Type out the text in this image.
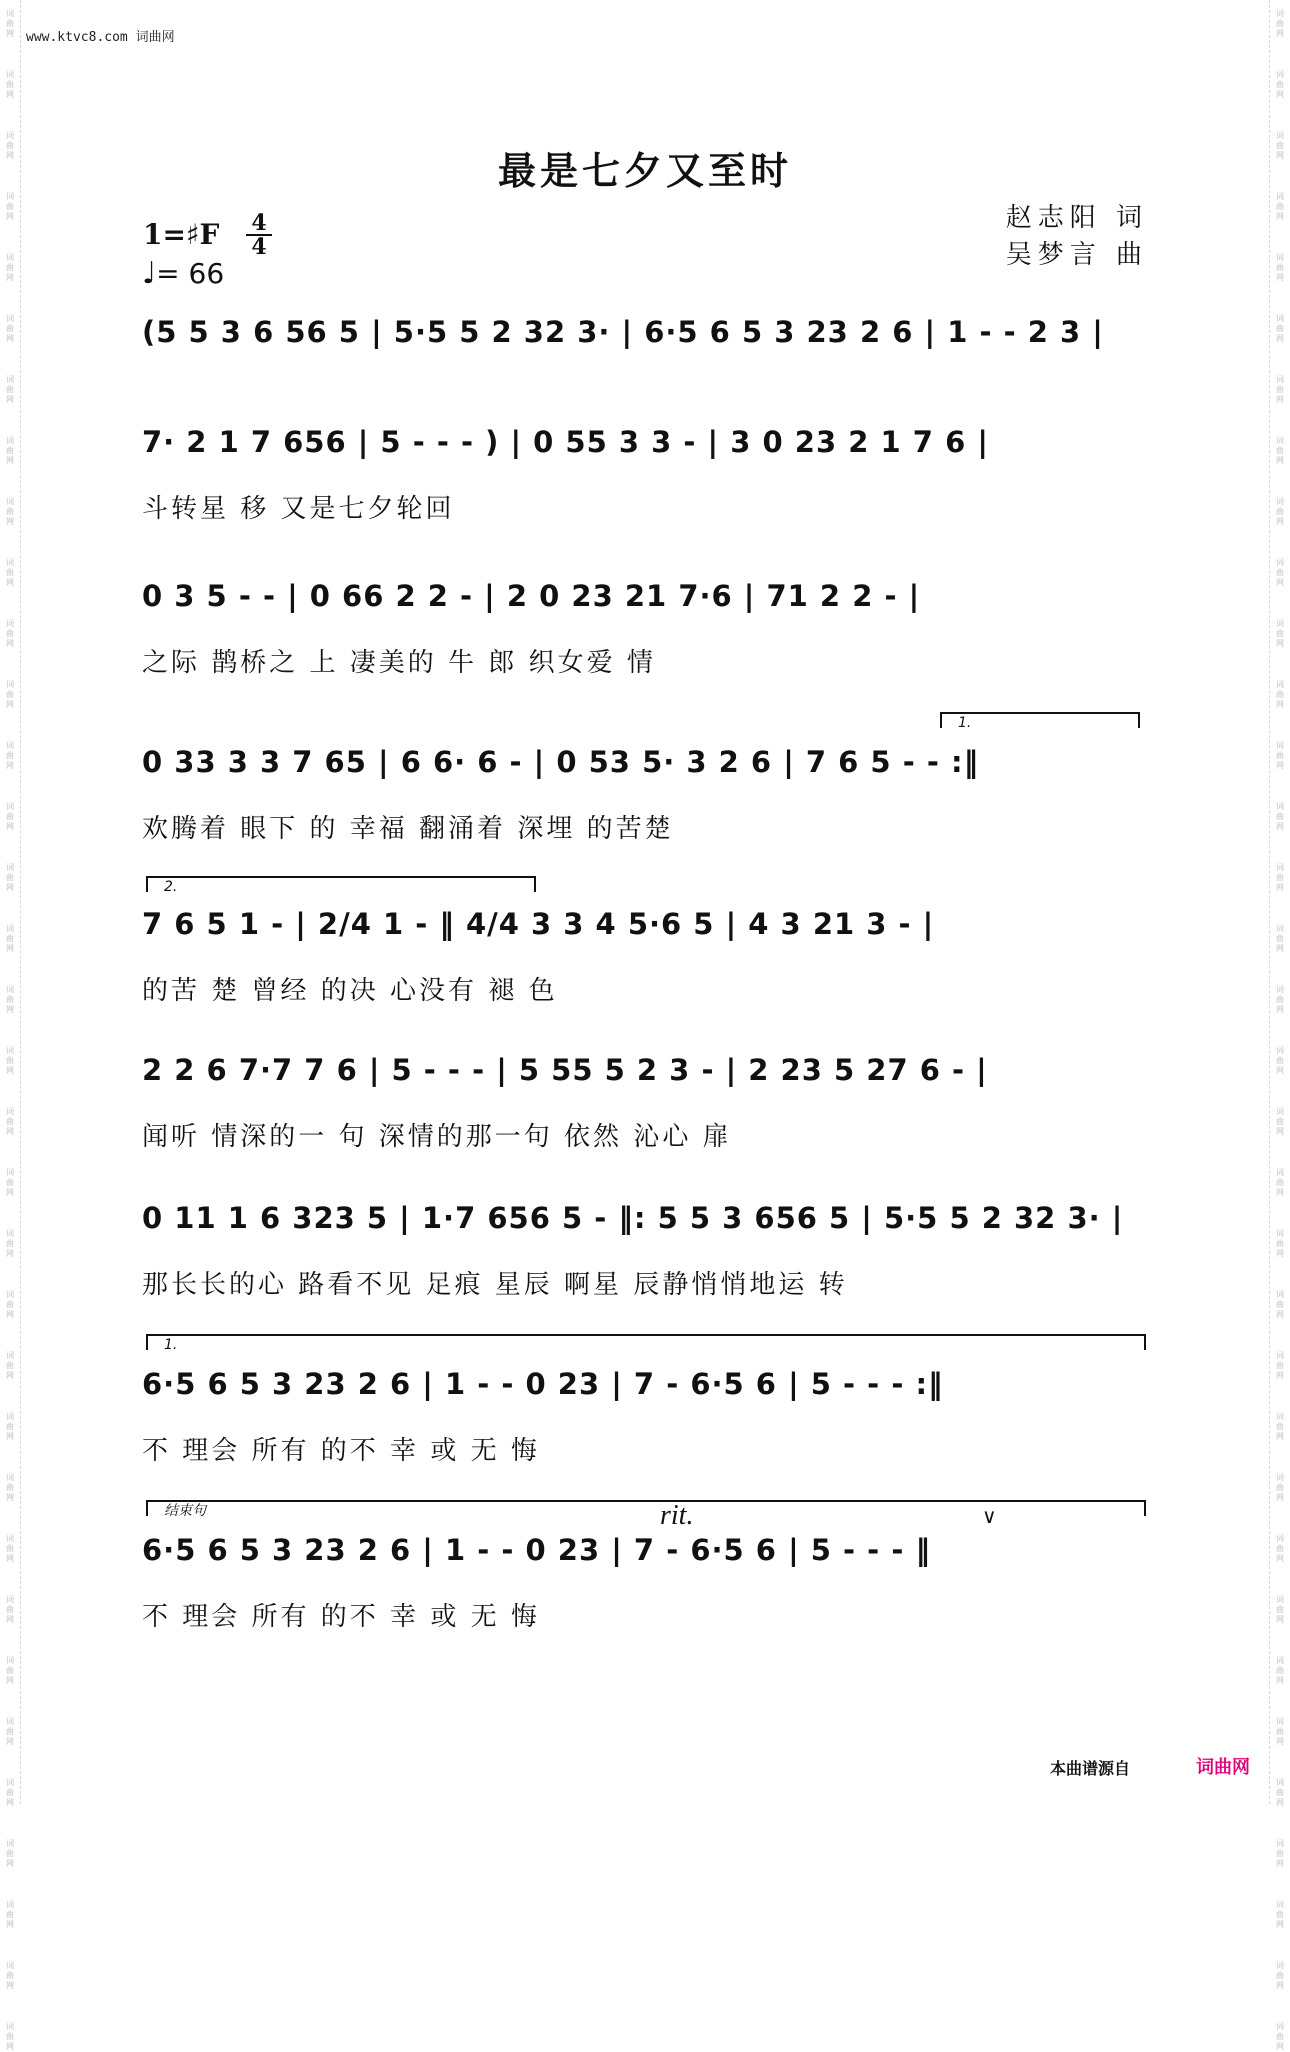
词曲网
词曲网
词曲网
词曲网
词曲网
词曲网
词曲网
词曲网
词曲网
词曲网
词曲网
词曲网
词曲网
词曲网
词曲网
词曲网
词曲网
词曲网
词曲网
词曲网
词曲网
词曲网
词曲网
词曲网
词曲网
词曲网
词曲网
词曲网
词曲网
词曲网
词曲网
词曲网
词曲网
词曲网
词曲网
词曲网
词曲网
词曲网
词曲网
词曲网
词曲网
词曲网
词曲网
词曲网
词曲网
词曲网
词曲网
词曲网
词曲网
词曲网
词曲网
词曲网
词曲网
词曲网
词曲网
词曲网
词曲网
词曲网
词曲网
词曲网
词曲网
词曲网
词曲网
词曲网
词曲网
词曲网
词曲网
词曲网
www.ktvc8.com 词曲网
最是七夕又至时
赵志阳 词
吴梦言 曲
1=♯F 4
4
♩= 66
(5 5 3 6 56 5 | 5·5 5 2 32 3· | 6·5 6 5 3 23 2 6 | 1 - - 2 3 |
7· 2 1 7 656 | 5 - - - ) | 0 55 3 3 - | 3 0 23 2 1 7 6 |
斗转星 移 又是七夕轮回
0 3 5 - - | 0 66 2 2 - | 2 0 23 21 7·6 | 71 2 2 - |
之际 鹊桥之 上 凄美的 牛 郎 织女爱 情
1.
0 33 3 3 7 65 | 6 6· 6 - | 0 53 5· 3 2 6 | 7 6 5 - - :‖
欢腾着 眼下 的 幸福 翻涌着 深埋 的苦楚
2.
7 6 5 1 - | 2/4 1 - ‖ 4/4 3 3 4 5·6 5 | 4 3 21 3 - |
的苦 楚 曾经 的决 心没有 褪 色
2 2 6 7·7 7 6 | 5 - - - | 5 55 5 2 3 - | 2 23 5 27 6 - |
闻听 情深的一 句 深情的那一句 依然 沁心 扉
0 11 1 6 323 5 | 1·7 656 5 - ‖: 5 5 3 656 5 | 5·5 5 2 32 3· |
那长长的心 路看不见 足痕 星辰 啊星 辰静悄悄地运 转
1.
6·5 6 5 3 23 2 6 | 1 - - 0 23 | 7 - 6·5 6 | 5 - - - :‖
不 理会 所有 的不 幸 或 无 悔
结束句	rit.	∨
6·5 6 5 3 23 2 6 | 1 - - 0 23 | 7 - 6·5 6 | 5 - - - ‖
不 理会 所有 的不 幸 或 无 悔
本曲谱源自	词曲网
